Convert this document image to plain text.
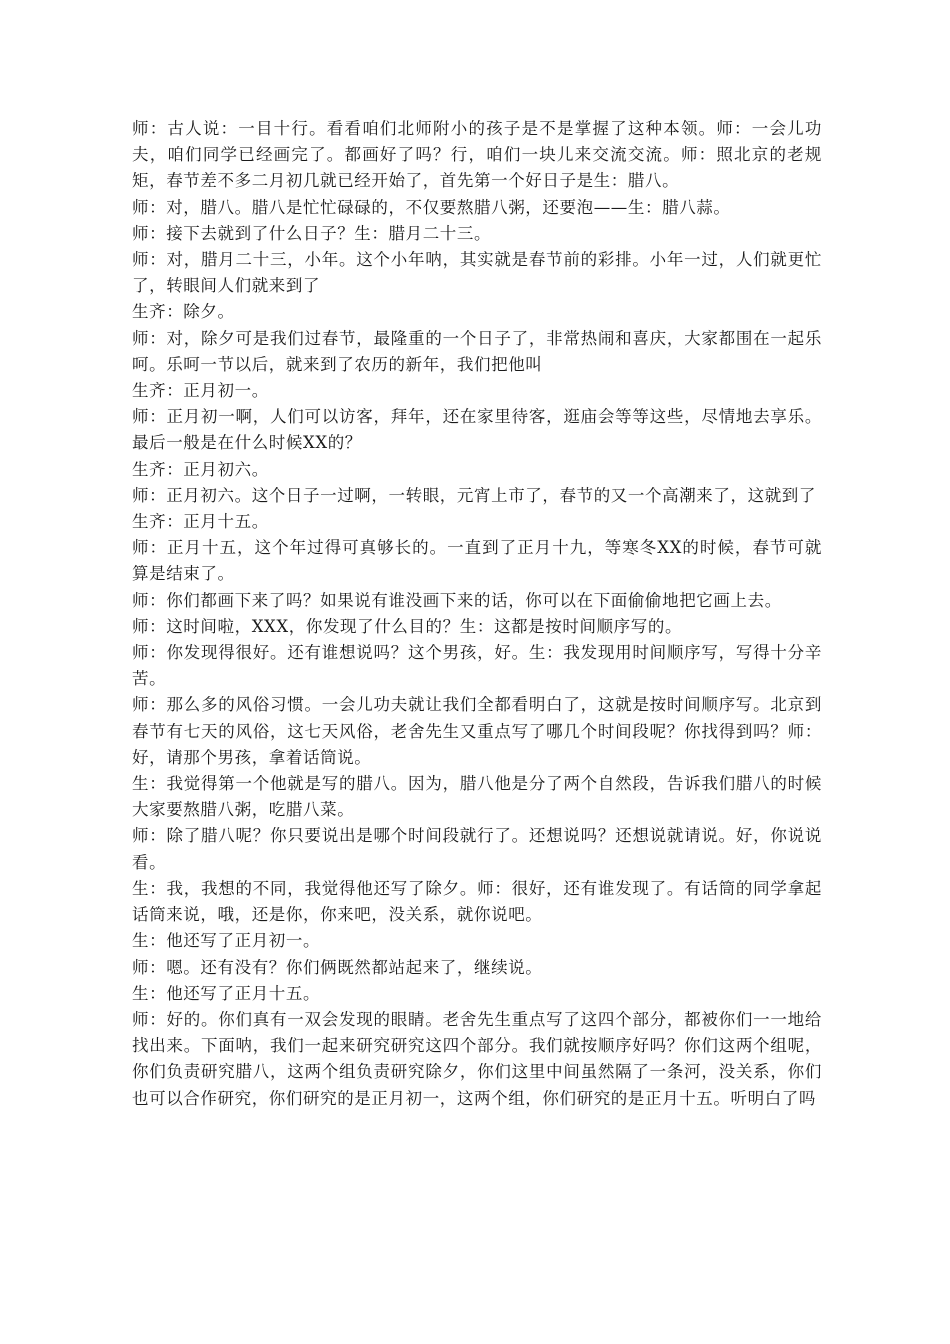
师：古人说：一目十行。看看咱们北师附小的孩子是不是掌握了这种本领。师：一会儿功夫，咱们同学已经画完了。都画好了吗？行，咱们一块儿来交流交流。师：照北京的老规矩，春节差不多二月初几就已经开始了，首先第一个好日子是生：腊八。

师：对，腊八。腊八是忙忙碌碌的，不仅要熬腊八粥，还要泡——生：腊八蒜。

师：接下去就到了什么日子？生：腊月二十三。

师：对，腊月二十三，小年。这个小年呐，其实就是春节前的彩排。小年一过，人们就更忙了，转眼间人们就来到了

生齐：除夕。

师：对，除夕可是我们过春节，最隆重的一个日子了，非常热闹和喜庆，大家都围在一起乐呵。乐呵一节以后，就来到了农历的新年，我们把他叫

生齐：正月初一。

师：正月初一啊，人们可以访客，拜年，还在家里待客，逛庙会等等这些，尽情地去享乐。最后一般是在什么时候XX的？

生齐：正月初六。

师：正月初六。这个日子一过啊，一转眼，元宵上市了，春节的又一个高潮来了，这就到了

生齐：正月十五。

师：正月十五，这个年过得可真够长的。一直到了正月十九，等寒冬XX的时候，春节可就算是结束了。

师：你们都画下来了吗？如果说有谁没画下来的话，你可以在下面偷偷地把它画上去。

师：这时间啦，XXX，你发现了什么目的？生：这都是按时间顺序写的。

师：你发现得很好。还有谁想说吗？这个男孩，好。生：我发现用时间顺序写，写得十分辛苦。

师：那么多的风俗习惯。一会儿功夫就让我们全都看明白了，这就是按时间顺序写。北京到春节有七天的风俗，这七天风俗，老舍先生又重点写了哪几个时间段呢？你找得到吗？师：好，请那个男孩，拿着话筒说。

生：我觉得第一个他就是写的腊八。因为，腊八他是分了两个自然段，告诉我们腊八的时候大家要熬腊八粥，吃腊八菜。

师：除了腊八呢？你只要说出是哪个时间段就行了。还想说吗？还想说就请说。好，你说说看。

生：我，我想的不同，我觉得他还写了除夕。师：很好，还有谁发现了。有话筒的同学拿起话筒来说，哦，还是你，你来吧，没关系，就你说吧。

生：他还写了正月初一。

师：嗯。还有没有？你们俩既然都站起来了，继续说。

生：他还写了正月十五。

师：好的。你们真有一双会发现的眼睛。老舍先生重点写了这四个部分，都被你们一一地给找出来。下面呐，我们一起来研究研究这四个部分。我们就按顺序好吗？你们这两个组呢，你们负责研究腊八，这两个组负责研究除夕，你们这里中间虽然隔了一条河，没关系，你们也可以合作研究，你们研究的是正月初一，这两个组，你们研究的是正月十五。听明白了吗
